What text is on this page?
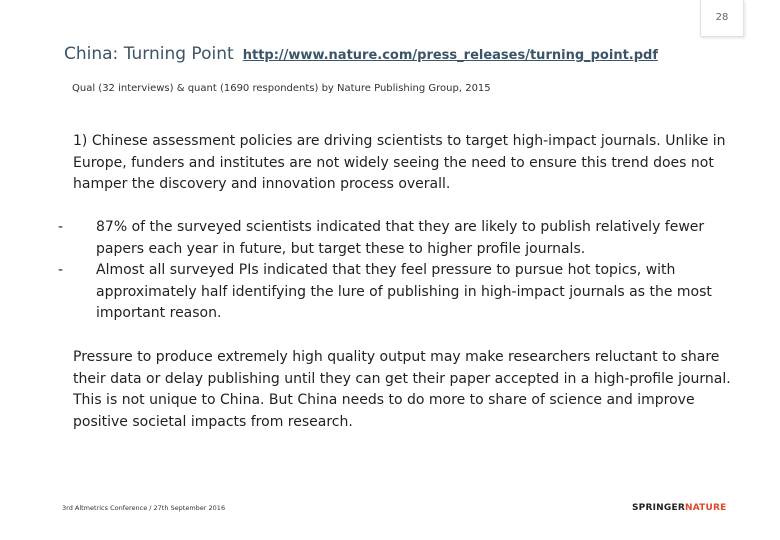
28
China: Turning Point http://www.nature.com/press_releases/turning_point.pdf
Qual (32 interviews) & quant (1690 respondents) by Nature Publishing Group, 2015
1) Chinese assessment policies are driving scientists to target high-impact journals. Unlike in Europe, funders and institutes are not widely seeing the need to ensure this trend does not hamper the discovery and innovation process overall.
- 87% of the surveyed scientists indicated that they are likely to publish relatively fewer papers each year in future, but target these to higher profile journals.
- Almost all surveyed PIs indicated that they feel pressure to pursue hot topics, with approximately half identifying the lure of publishing in high-impact journals as the most important reason.
Pressure to produce extremely high quality output may make researchers reluctant to share their data or delay publishing until they can get their paper accepted in a high-profile journal. This is not unique to China. But China needs to do more to share of science and improve positive societal impacts from research.
3rd Altmetrics Conference / 27th September 2016	SPRINGERNATURE
